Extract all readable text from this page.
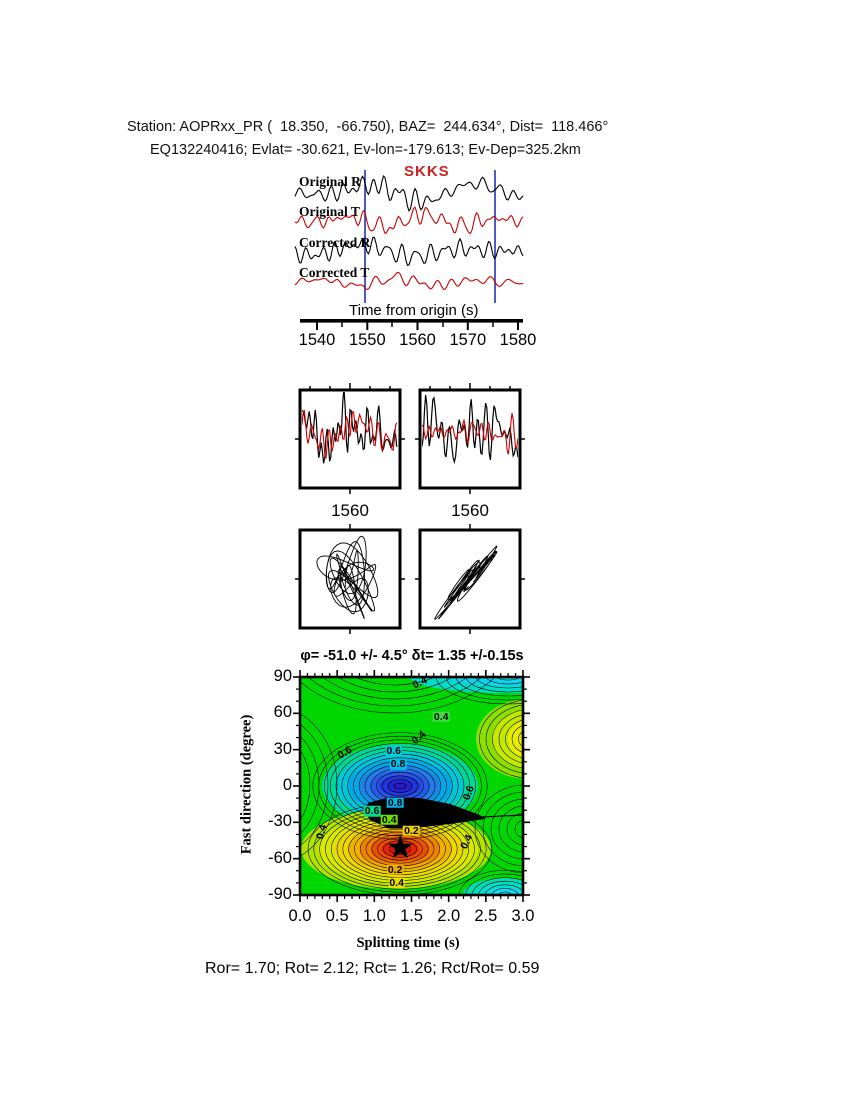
Station: AOPRxx_PR (  18.350,  -66.750), BAZ=  244.634°, Dist=  118.466°
EQ132240416; Evlat= -30.621, Ev-lon=-179.613; Ev-Dep=325.2km
Original R
Original T
Corrected R
Corrected T
SKKS
Time from origin (s)
1540 1550 1560 1570 1580
1560	1560
φ= -51.0 +/- 4.5° δt= 1.35 +/-0.15s
0.4
0.4
0.4
0.6	0.6
0.8
0.8
0.6
0.4
0.2
0.4
0.6
0.4
0.2
0.4
90
60
30
0
-30
-60
-90
0.0 0.5 1.0 1.5 2.0 2.5 3.0
Fast direction (degree)
Splitting time (s)
Ror= 1.70; Rot= 2.12; Rct= 1.26; Rct/Rot= 0.59
